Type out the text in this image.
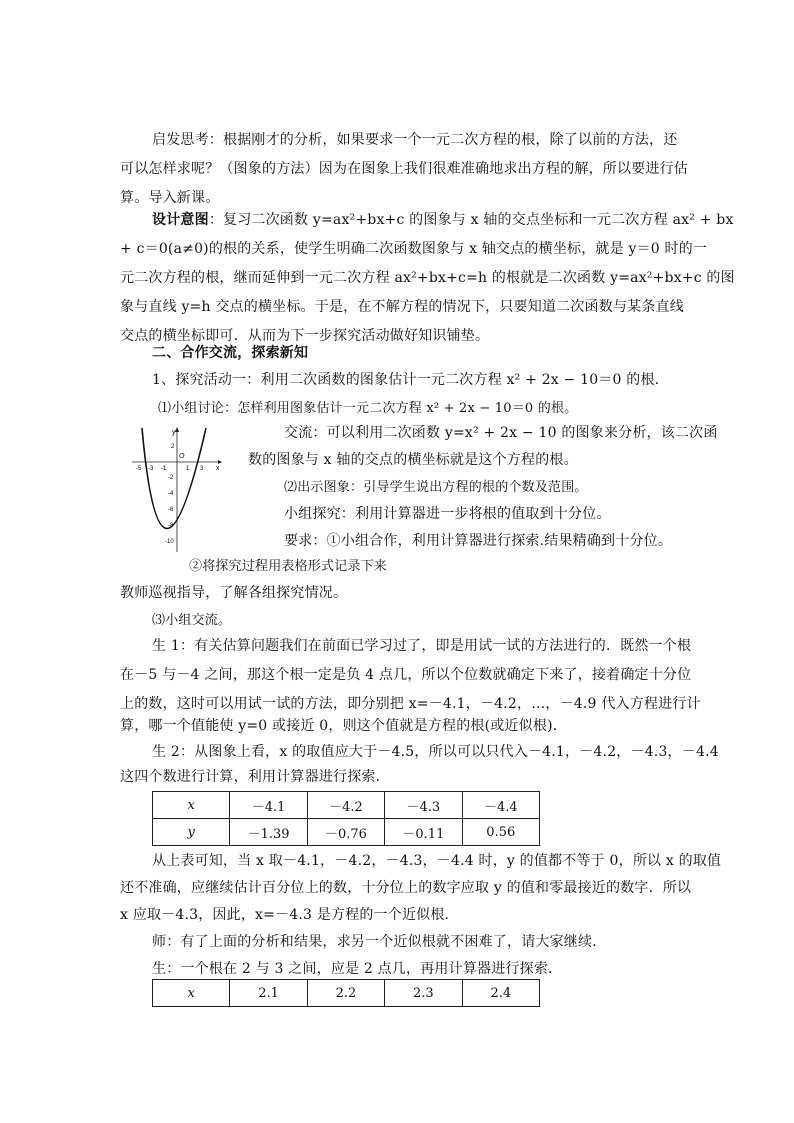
启发思考：根据刚才的分析，如果要求一个一元二次方程的根，除了以前的方法，还
可以怎样求呢？（图象的方法）因为在图象上我们很难准确地求出方程的解，所以要进行估
算。导入新课。
设计意图：复习二次函数 y=ax²+bx+c 的图象与 x 轴的交点坐标和一元二次方程 ax² + bx
+ c＝0(a≠0)的根的关系，使学生明确二次函数图象与 x 轴交点的横坐标，就是 y＝0 时的一
元二次方程的根，继而延伸到一元二次方程 ax²+bx+c=h 的根就是二次函数 y=ax²+bx+c 的图
象与直线 y=h 交点的横坐标。于是，在不解方程的情况下，只要知道二次函数与某条直线
交点的横坐标即可．从而为下一步探究活动做好知识铺垫。
二、合作交流，探索新知
1、探究活动一：利用二次函数的图象估计一元二次方程 x² + 2x − 10＝0 的根．
⑴小组讨论：怎样利用图象估计一元二次方程 x² + 2x − 10＝0 的根。
y
x
O
-5 -3 -1	1 3
2
-2
-4
-6
-8
-10
交流：可以利用二次函数 y=x² + 2x − 10 的图象来分析，该二次函
数的图象与 x 轴的交点的横坐标就是这个方程的根。
⑵出示图象：引导学生说出方程的根的个数及范围。
小组探究：利用计算器进一步将根的值取到十分位。
要求：①小组合作，利用计算器进行探索.结果精确到十分位。
②将探究过程用表格形式记录下来
教师巡视指导，了解各组探究情况。
⑶小组交流。
生 1：有关估算问题我们在前面已学习过了，即是用试一试的方法进行的．既然一个根
在－5 与－4 之间，那这个根一定是负 4 点几，所以个位数就确定下来了，接着确定十分位
上的数，这时可以用试一试的方法，即分别把 x=－4.1，－4.2，…，－4.9 代入方程进行计
算，哪一个值能使 y=0 或接近 0，则这个值就是方程的根(或近似根)．
生 2：从图象上看，x 的取值应大于－4.5，所以可以只代入－4.1，－4.2，－4.3，－4.4
这四个数进行计算，利用计算器进行探索．
x	－4.1	－4.2	－4.3	－4.4
y	－1.39	－0.76	－0.11	0.56
从上表可知，当 x 取－4.1，－4.2，－4.3，－4.4 时，y 的值都不等于 0，所以 x 的取值
还不准确，应继续估计百分位上的数，十分位上的数字应取 y 的值和零最接近的数字．所以
x 应取－4.3，因此，x=－4.3 是方程的一个近似根．
师：有了上面的分析和结果，求另一个近似根就不困难了，请大家继续．
生：一个根在 2 与 3 之间，应是 2 点几，再用计算器进行探索．
x	2.1	2.2	2.3	2.4
